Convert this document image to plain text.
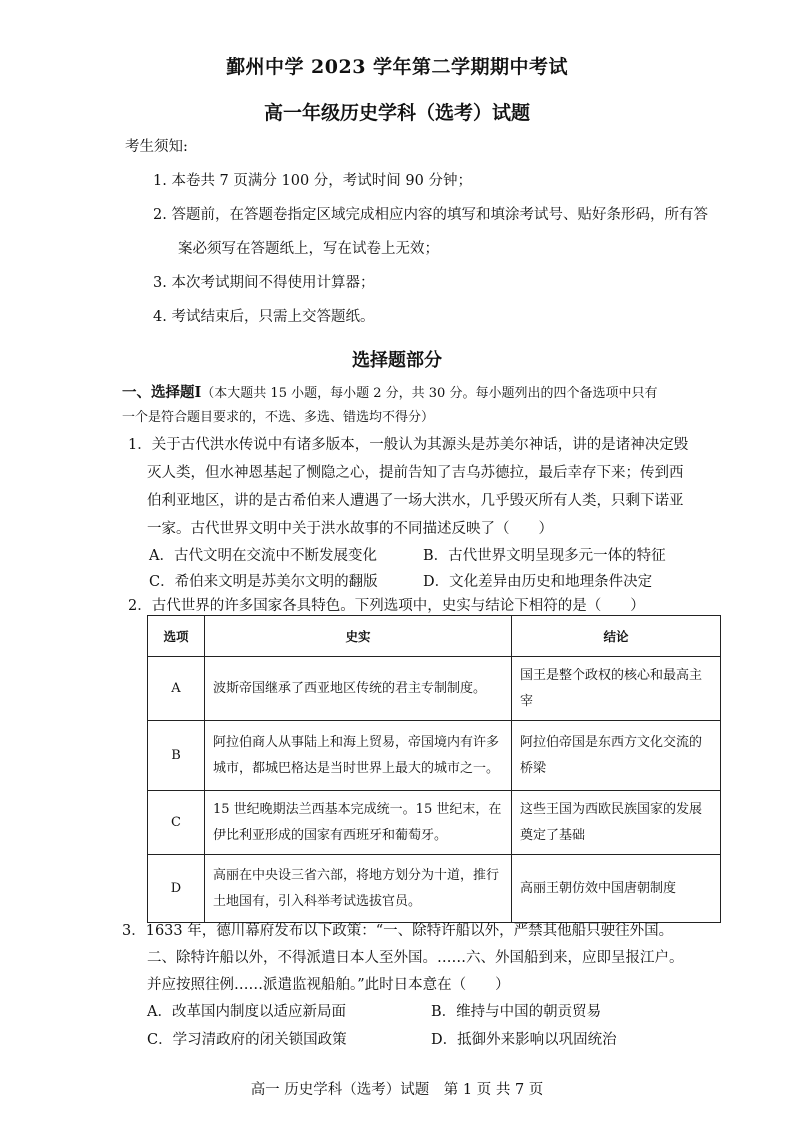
鄞州中学 2023 学年第二学期期中考试
高一年级历史学科（选考）试题
考生须知:
1. 本卷共 7 页满分 100 分，考试时间 90 分钟；
2. 答题前，在答题卷指定区域完成相应内容的填写和填涂考试号、贴好条形码，所有答
案必须写在答题纸上，写在试卷上无效；
3. 本次考试期间不得使用计算器；
4. 考试结束后，只需上交答题纸。
选择题部分
一、选择题Ⅰ（本大题共 15 小题，每小题 2 分，共 30 分。每小题列出的四个备选项中只有
一个是符合题目要求的，不选、多选、错选均不得分）
1．关于古代洪水传说中有诸多版本，一般认为其源头是苏美尔神话，讲的是诸神决定毁
灭人类，但水神恩基起了恻隐之心，提前告知了吉乌苏德拉，最后幸存下来；传到西
伯利亚地区，讲的是古希伯来人遭遇了一场大洪水，几乎毁灭所有人类，只剩下诺亚
一家。古代世界文明中关于洪水故事的不同描述反映了（　　）
A．古代文明在交流中不断发展变化	B．古代世界文明呈现多元一体的特征
C．希伯来文明是苏美尔文明的翻版	D．文化差异由历史和地理条件决定
2．古代世界的许多国家各具特色。下列选项中，史实与结论下相符的是（　　）
选项	史实	结论
A	波斯帝国继承了西亚地区传统的君主专制制度。	国王是整个政权的核心和最高主宰
B	阿拉伯商人从事陆上和海上贸易，帝国境内有许多城市，都城巴格达是当时世界上最大的城市之一。	阿拉伯帝国是东西方文化交流的桥梁
C	15 世纪晚期法兰西基本完成统一。15 世纪末，在伊比利亚形成的国家有西班牙和葡萄牙。	这些王国为西欧民族国家的发展奠定了基础
D	高丽在中央设三省六部，将地方划分为十道，推行土地国有，引入科举考试选拔官员。	高丽王朝仿效中国唐朝制度
3．1633 年，德川幕府发布以下政策：“一、除特许船以外，严禁其他船只驶往外国。
二、除特许船以外，不得派遣日本人至外国。……六、外国船到来，应即呈报江户。
并应按照往例……派遣监视船舶。”此时日本意在（　　）
A．改革国内制度以适应新局面	B．维持与中国的朝贡贸易
C．学习清政府的闭关锁国政策	D．抵御外来影响以巩固统治
高一 历史学科（选考）试题　第 1 页 共 7 页
